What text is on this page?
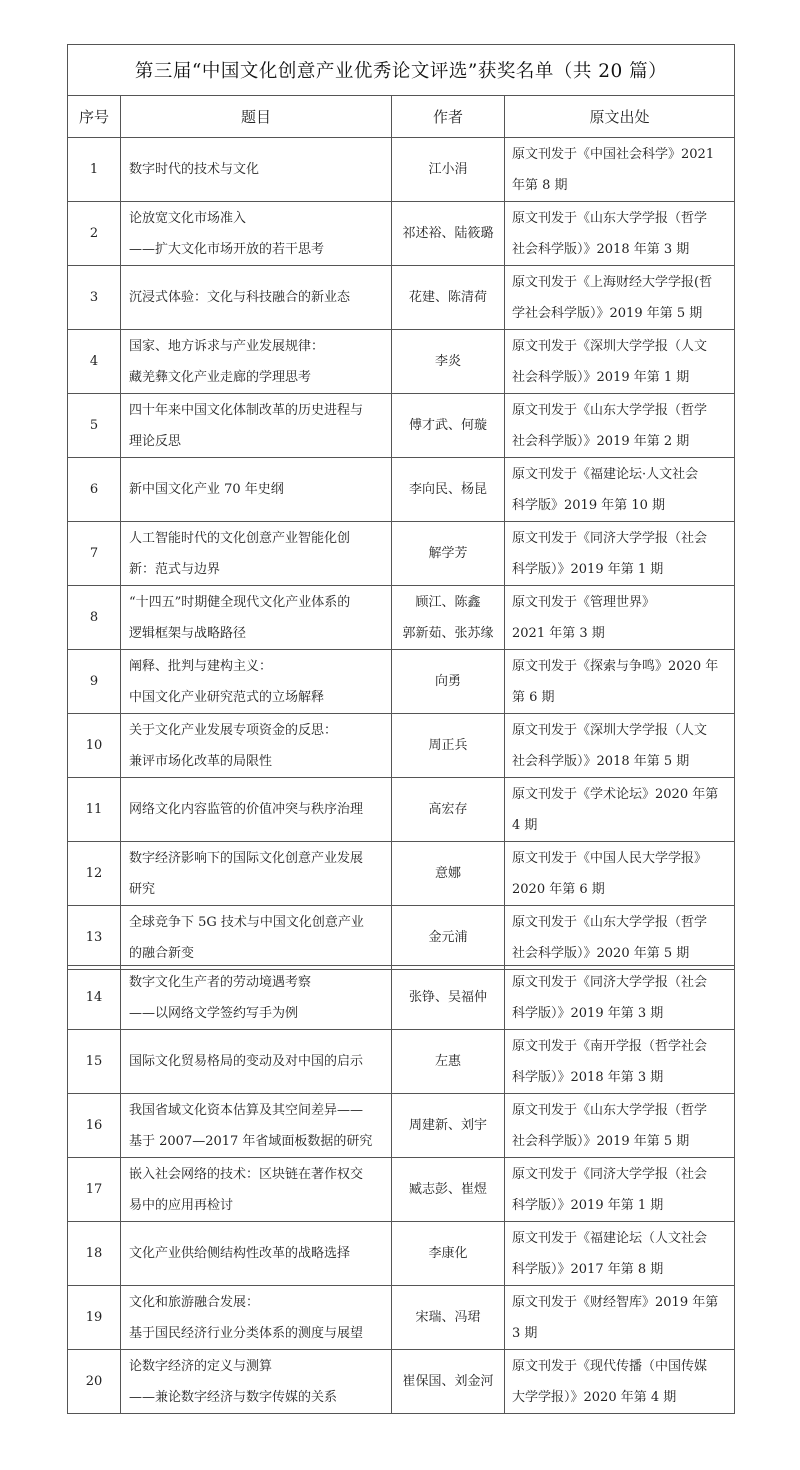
第三届“中国文化创意产业优秀论文评选”获奖名单（共 20 篇）			
序号	题目	作者	原文出处
1	数字时代的技术与文化	江小涓	原文刊发于《中国社会科学》2021
年第 8 期

2	论放宽文化市场准入
——扩大文化市场开放的若干思考	祁述裕、陆筱璐	原文刊发于《山东大学学报（哲学
社会科学版）》2018 年第 3 期

3	沉浸式体验：文化与科技融合的新业态	花建、陈清荷	原文刊发于《上海财经大学学报(哲
学社会科学版）》2019 年第 5 期

4	国家、地方诉求与产业发展规律：
藏羌彝文化产业走廊的学理思考	李炎	原文刊发于《深圳大学学报（人文
社会科学版）》2019 年第 1 期

5	四十年来中国文化体制改革的历史进程与
理论反思	傅才武、何璇	原文刊发于《山东大学学报（哲学
社会科学版）》2019 年第 2 期

6	新中国文化产业 70 年史纲	李向民、杨昆	原文刊发于《福建论坛·人文社会
科学版》2019 年第 10 期

7	人工智能时代的文化创意产业智能化创
新：范式与边界	解学芳	原文刊发于《同济大学学报（社会
科学版）》2019 年第 1 期

8	“十四五”时期健全现代文化产业体系的
逻辑框架与战略路径	顾江、陈鑫
郭新茹、张苏缘	原文刊发于《管理世界》
2021 年第 3 期

9	阐释、批判与建构主义：
中国文化产业研究范式的立场解释	向勇	原文刊发于《探索与争鸣》2020 年
第 6 期

10	关于文化产业发展专项资金的反思：
兼评市场化改革的局限性	周正兵	原文刊发于《深圳大学学报（人文
社会科学版）》2018 年第 5 期

11	网络文化内容监管的价值冲突与秩序治理	高宏存	原文刊发于《学术论坛》2020 年第
4 期

12	数字经济影响下的国际文化创意产业发展
研究	意娜	原文刊发于《中国人民大学学报》
2020 年第 6 期

13	全球竞争下 5G 技术与中国文化创意产业
的融合新变	金元浦	原文刊发于《山东大学学报（哲学
社会科学版）》2020 年第 5 期
14	数字文化生产者的劳动境遇考察
——以网络文学签约写手为例	张铮、吴福仲	原文刊发于《同济大学学报（社会
科学版）》2019 年第 3 期

15	国际文化贸易格局的变动及对中国的启示	左惠	原文刊发于《南开学报（哲学社会
科学版）》2018 年第 3 期

16	我国省域文化资本估算及其空间差异——
基于 2007—2017 年省域面板数据的研究	周建新、刘宇	原文刊发于《山东大学学报（哲学
社会科学版）》2019 年第 5 期

17	嵌入社会网络的技术：区块链在著作权交
易中的应用再检讨	臧志彭、崔煜	原文刊发于《同济大学学报（社会
科学版）》2019 年第 1 期

18	文化产业供给侧结构性改革的战略选择	李康化	原文刊发于《福建论坛（人文社会
科学版）》2017 年第 8 期

19	文化和旅游融合发展：
基于国民经济行业分类体系的测度与展望	宋瑞、冯珺	原文刊发于《财经智库》2019 年第
3 期

20	论数字经济的定义与测算
——兼论数字经济与数字传媒的关系	崔保国、刘金河	原文刊发于《现代传播（中国传媒
大学学报）》2020 年第 4 期
